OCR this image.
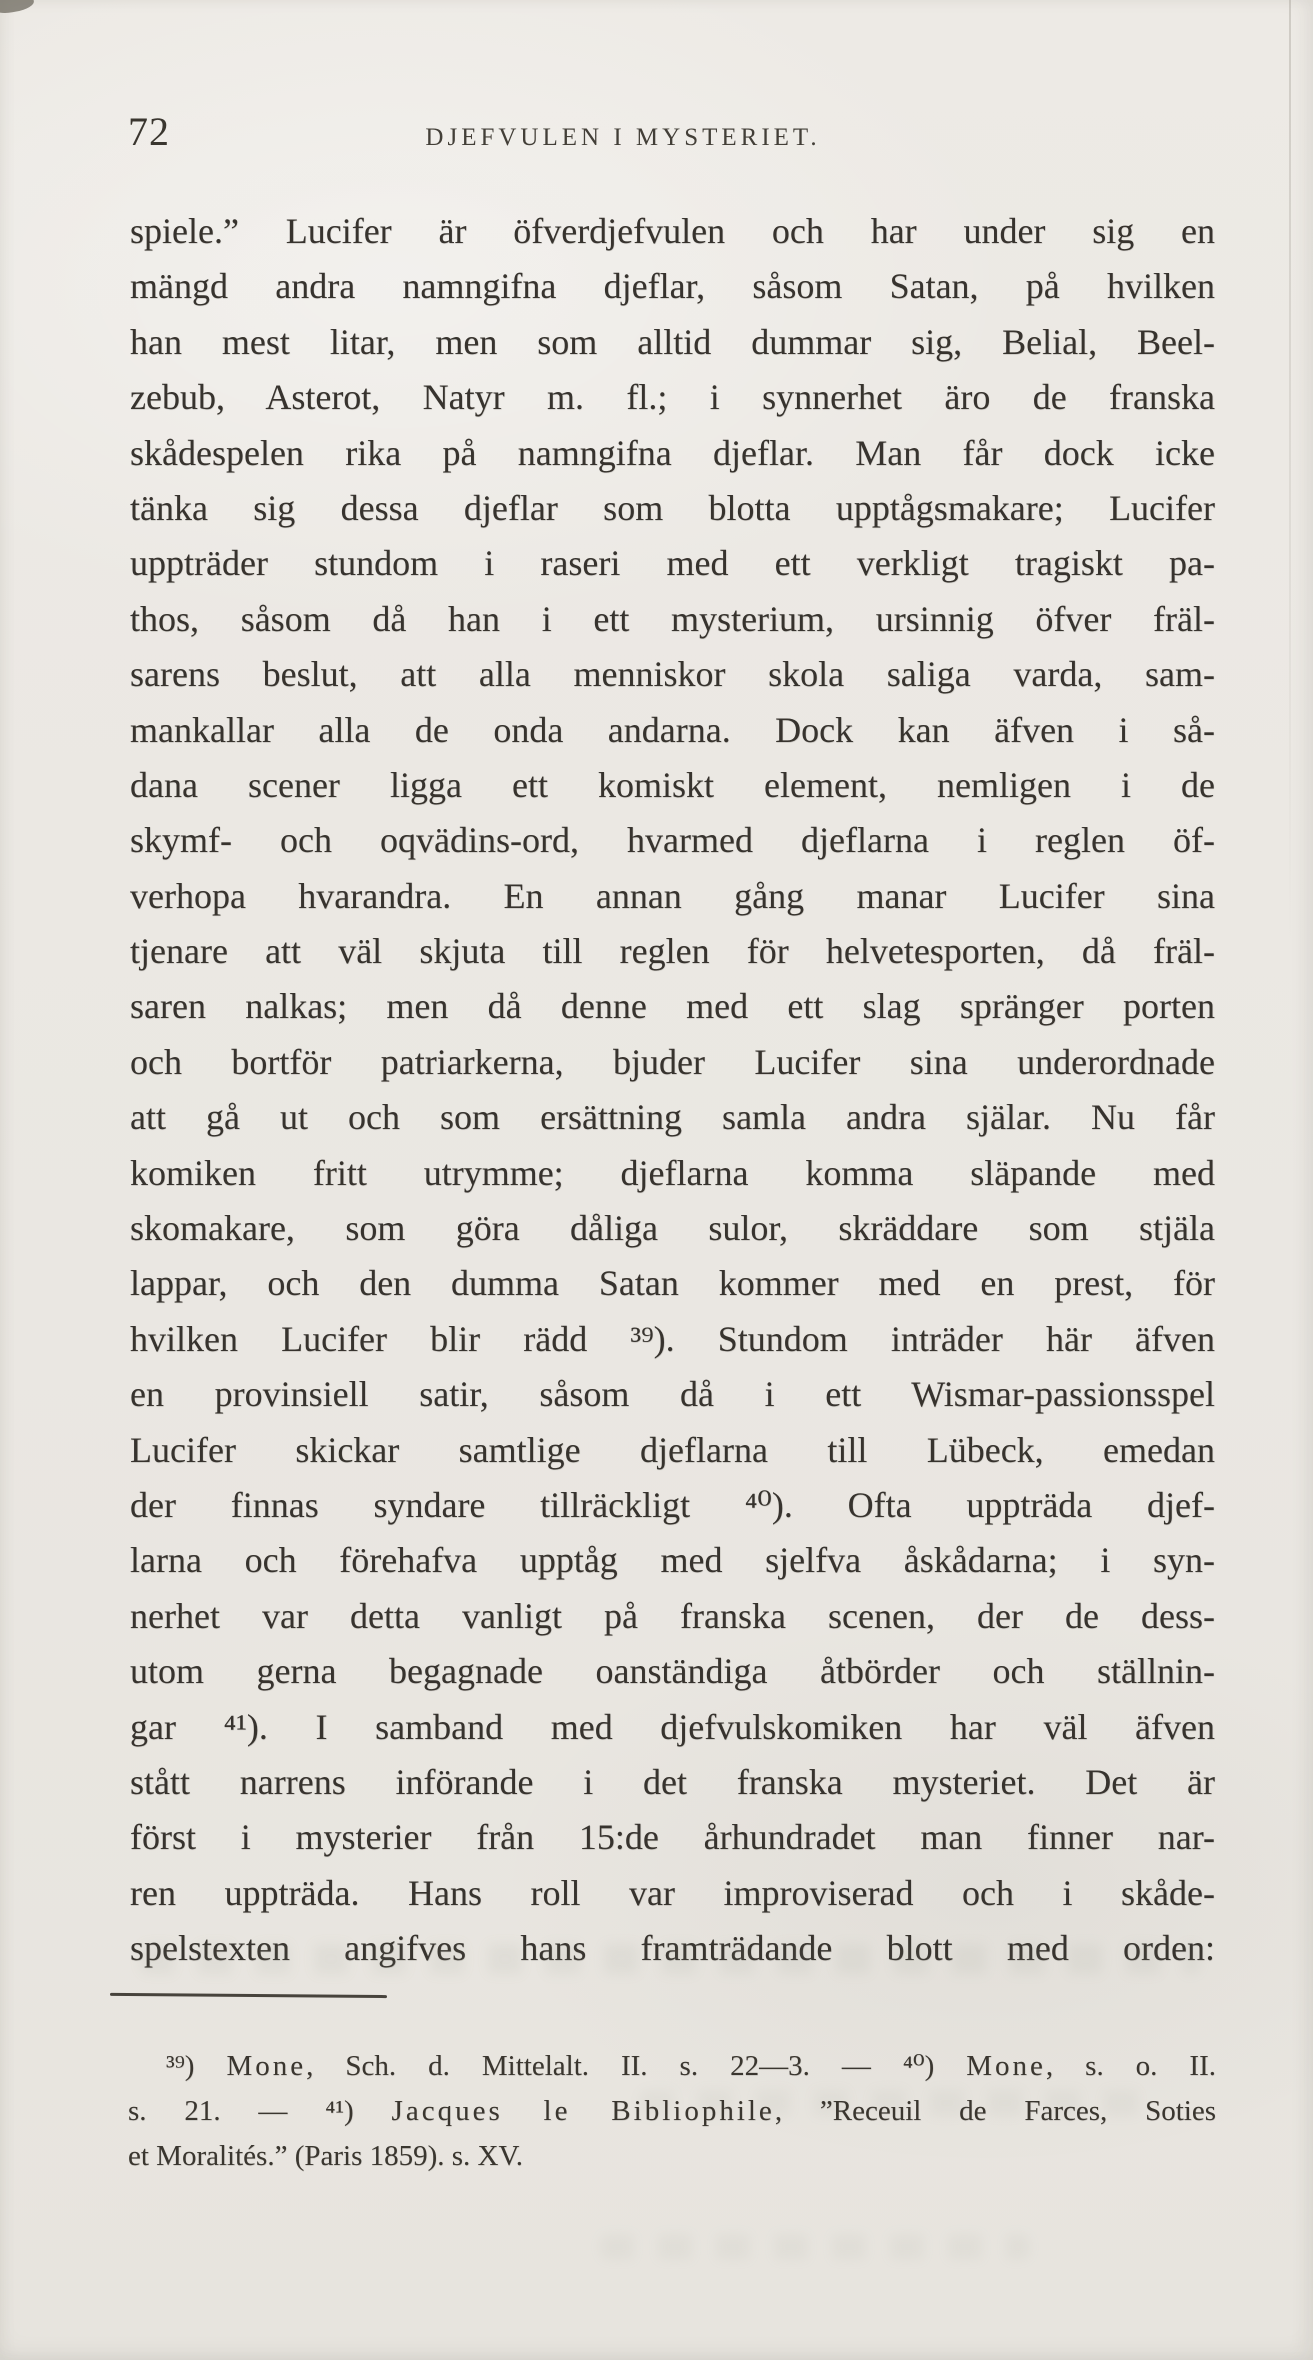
72	DJEFVULEN I MYSTERIET.
spiele.” Lucifer är öfverdjefvulen och har under sig en
mängd andra namngifna djeflar, såsom Satan, på hvilken
han mest litar, men som alltid dummar sig, Belial, Beel-
zebub, Asterot, Natyr m. fl.; i synnerhet äro de franska
skådespelen rika på namngifna djeflar. Man får dock icke
tänka sig dessa djeflar som blotta upptågsmakare; Lucifer
uppträder stundom i raseri med ett verkligt tragiskt pa-
thos, såsom då han i ett mysterium, ursinnig öfver fräl-
sarens beslut, att alla menniskor skola saliga varda, sam-
mankallar alla de onda andarna. Dock kan äfven i så-
dana scener ligga ett komiskt element, nemligen i de
skymf- och oqvädins-ord, hvarmed djeflarna i reglen öf-
verhopa hvarandra. En annan gång manar Lucifer sina
tjenare att väl skjuta till reglen för helvetesporten, då fräl-
saren nalkas; men då denne med ett slag spränger porten
och bortför patriarkerna, bjuder Lucifer sina underordnade
att gå ut och som ersättning samla andra själar. Nu får
komiken fritt utrymme; djeflarna komma släpande med
skomakare, som göra dåliga sulor, skräddare som stjäla
lappar, och den dumma Satan kommer med en prest, för
hvilken Lucifer blir rädd ³⁹). Stundom inträder här äfven
en provinsiell satir, såsom då i ett Wismar-passionsspel
Lucifer skickar samtlige djeflarna till Lübeck, emedan
der finnas syndare tillräckligt ⁴⁰). Ofta uppträda djef-
larna och förehafva upptåg med sjelfva åskådarna; i syn-
nerhet var detta vanligt på franska scenen, der de dess-
utom gerna begagnade oanständiga åtbörder och ställnin-
gar ⁴¹). I samband med djefvulskomiken har väl äfven
stått narrens införande i det franska mysteriet. Det är
först i mysterier från 15:de århundradet man finner nar-
ren uppträda. Hans roll var improviserad och i skåde-
spelstexten angifves hans framträdande blott med orden:
³⁹) Mone, Sch. d. Mittelalt. II. s. 22—3. — ⁴⁰) Mone, s. o. II.
s. 21. — ⁴¹) Jacques le Bibliophile, ”Receuil de Farces, Soties
et Moralités.” (Paris 1859). s. XV.
